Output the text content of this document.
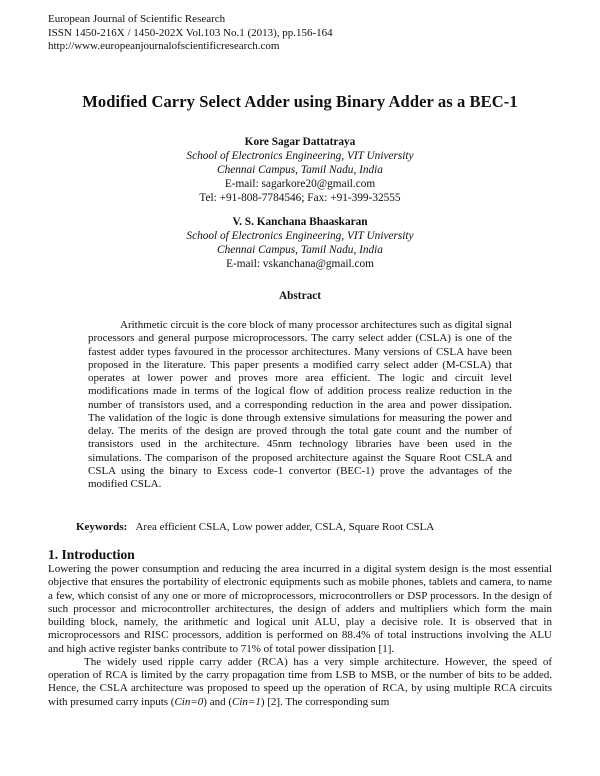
European Journal of Scientific Research
ISSN 1450-216X / 1450-202X Vol.103 No.1 (2013), pp.156-164
http://www.europeanjournalofscientificresearch.com
Modified Carry Select Adder using Binary Adder as a BEC-1
Kore Sagar Dattatraya
School of Electronics Engineering, VIT University
Chennai Campus, Tamil Nadu, India
E-mail: sagarkore20@gmail.com
Tel: +91-808-7784546; Fax: +91-399-32555
V. S. Kanchana Bhaaskaran
School of Electronics Engineering, VIT University
Chennai Campus, Tamil Nadu, India
E-mail: vskanchana@gmail.com
Abstract
Arithmetic circuit is the core block of many processor architectures such as digital signal processors and general purpose microprocessors. The carry select adder (CSLA) is one of the fastest adder types favoured in the processor architectures. Many versions of CSLA have been proposed in the literature. This paper presents a modified carry select adder (M-CSLA) that operates at lower power and proves more area efficient. The logic and circuit level modifications made in terms of the logical flow of addition process realize reduction in the number of transistors used, and a corresponding reduction in the area and power dissipation. The validation of the logic is done through extensive simulations for measuring the power and delay. The merits of the design are proved through the total gate count and the number of transistors used in the architecture. 45nm technology libraries have been used in the simulations. The comparison of the proposed architecture against the Square Root CSLA and CSLA using the binary to Excess code-1 convertor (BEC-1) prove the advantages of the modified CSLA.
Keywords: Area efficient CSLA, Low power adder, CSLA, Square Root CSLA
1. Introduction

Lowering the power consumption and reducing the area incurred in a digital system design is the most essential objective that ensures the portability of electronic equipments such as mobile phones, tablets and camera, to name a few, which consist of any one or more of microprocessors, microcontrollers or DSP processors. In the design of such processor and microcontroller architectures, the design of adders and multipliers which form the main building block, namely, the arithmetic and logical unit ALU, play a decisive role. It is observed that in microprocessors and RISC processors, addition is performed on 88.4% of total instructions involving the ALU and high active register banks contribute to 71% of total power dissipation [1].

The widely used ripple carry adder (RCA) has a very simple architecture. However, the speed of operation of RCA is limited by the carry propagation time from LSB to MSB, or the number of bits to be added. Hence, the CSLA architecture was proposed to speed up the operation of RCA, by using multiple RCA circuits with presumed carry inputs (Cin=0) and (Cin=1) [2]. The corresponding sum
